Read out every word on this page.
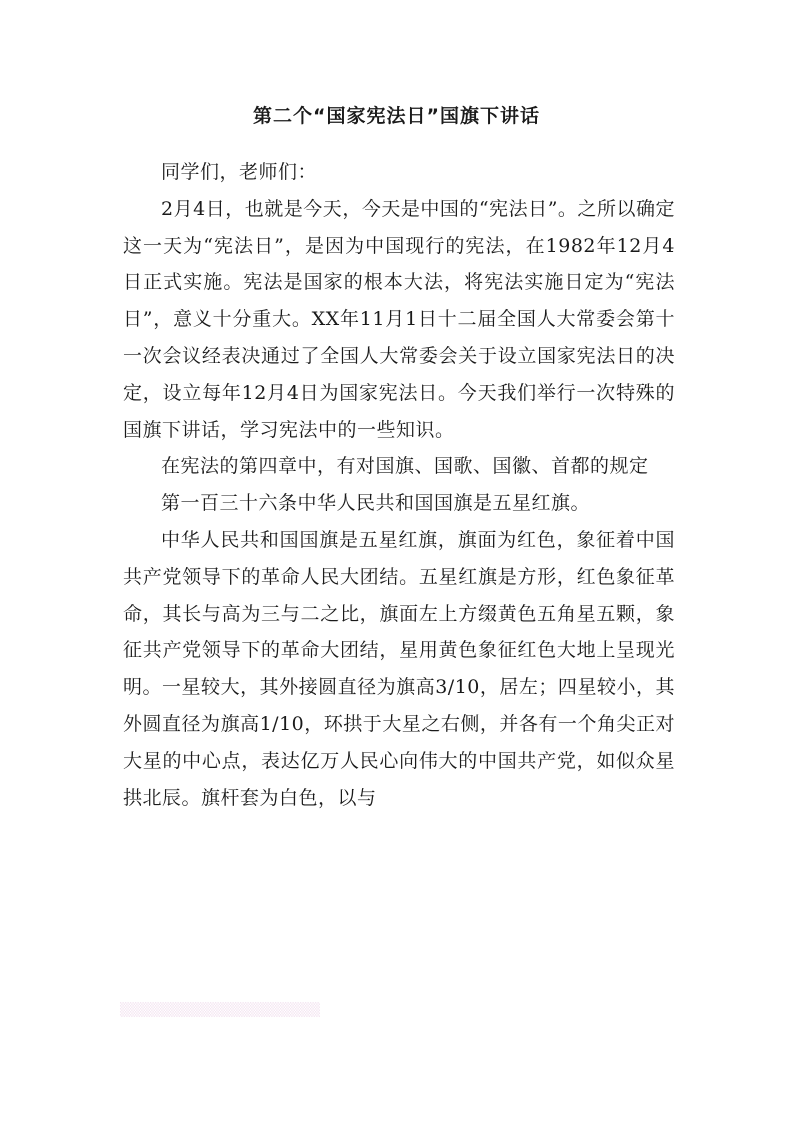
第二个“国家宪法日”国旗下讲话

同学们，老师们：

2月4日，也就是今天，今天是中国的“宪法日”。之所以确定这一天为“宪法日”，是因为中国现行的宪法，在1982年12月4日正式实施。宪法是国家的根本大法，将宪法实施日定为“宪法日”，意义十分重大。XX年11月1日十二届全国人大常委会第十一次会议经表决通过了全国人大常委会关于设立国家宪法日的决定，设立每年12月4日为国家宪法日。今天我们举行一次特殊的国旗下讲话，学习宪法中的一些知识。

在宪法的第四章中，有对国旗、国歌、国徽、首都的规定

第一百三十六条中华人民共和国国旗是五星红旗。

中华人民共和国国旗是五星红旗，旗面为红色，象征着中国共产党领导下的革命人民大团结。五星红旗是方形，红色象征革命，其长与高为三与二之比，旗面左上方缀黄色五角星五颗，象征共产党领导下的革命大团结，星用黄色象征红色大地上呈现光明。一星较大，其外接圆直径为旗高3/10，居左；四星较小，其外圆直径为旗高1/10，环拱于大星之右侧，并各有一个角尖正对大星的中心点，表达亿万人民心向伟大的中国共产党，如似众星拱北辰。旗杆套为白色，以与

▒▒▒▒▒▒▒▒▒▒▒▒▒▒▒▒▒▒▒▒
